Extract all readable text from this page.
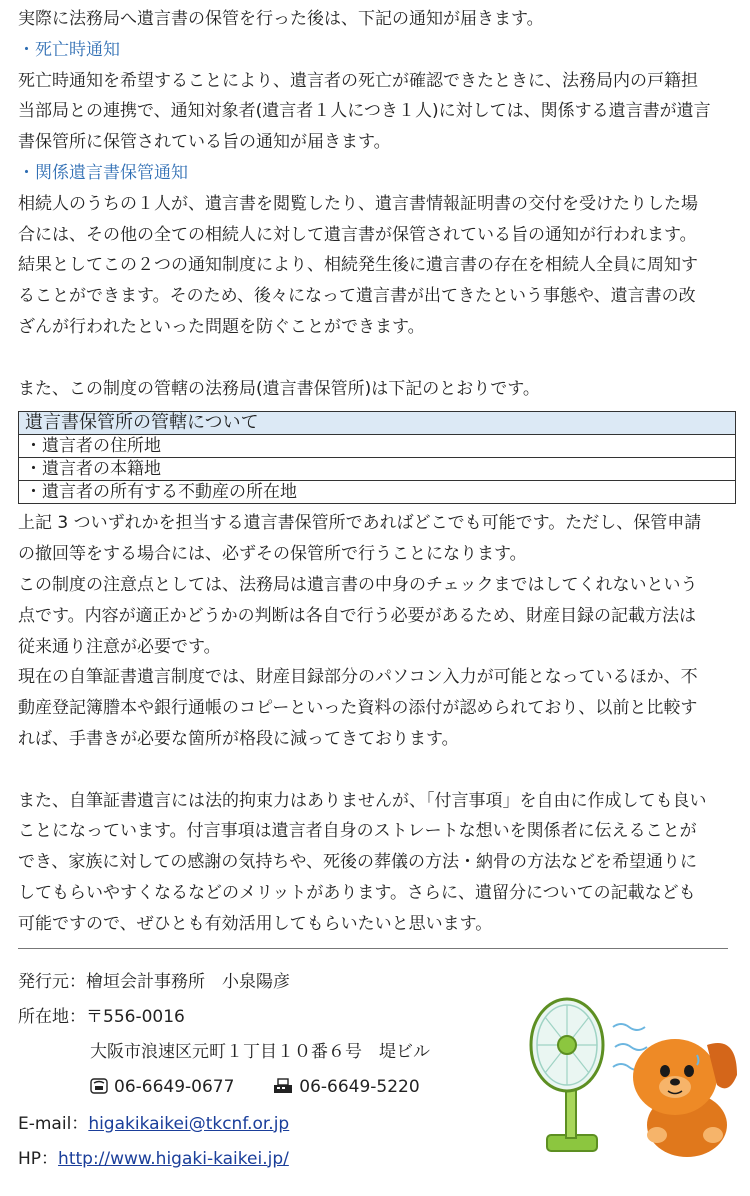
実際に法務局へ遺言書の保管を行った後は、下記の通知が届きます。
・死亡時通知
死亡時通知を希望することにより、遺言者の死亡が確認できたときに、法務局内の戸籍担
当部局との連携で、通知対象者(遺言者１人につき１人)に対しては、関係する遺言書が遺言
書保管所に保管されている旨の通知が届きます。
・関係遺言書保管通知
相続人のうちの１人が、遺言書を閲覧したり、遺言書情報証明書の交付を受けたりした場
合には、その他の全ての相続人に対して遺言書が保管されている旨の通知が行われます。
結果としてこの２つの通知制度により、相続発生後に遺言書の存在を相続人全員に周知す
ることができます。そのため、後々になって遺言書が出てきたという事態や、遺言書の改
ざんが行われたといった問題を防ぐことができます。
また、この制度の管轄の法務局(遺言書保管所)は下記のとおりです。
遺言書保管所の管轄について
・遺言者の住所地
・遺言者の本籍地
・遺言者の所有する不動産の所在地
上記 3 ついずれかを担当する遺言書保管所であればどこでも可能です。ただし、保管申請
の撤回等をする場合には、必ずその保管所で行うことになります。
この制度の注意点としては、法務局は遺言書の中身のチェックまではしてくれないという
点です。内容が適正かどうかの判断は各自で行う必要があるため、財産目録の記載方法は
従来通り注意が必要です。
現在の自筆証書遺言制度では、財産目録部分のパソコン入力が可能となっているほか、不
動産登記簿謄本や銀行通帳のコピーといった資料の添付が認められており、以前と比較す
れば、手書きが必要な箇所が格段に減ってきております。
また、自筆証書遺言には法的拘束力はありませんが、「付言事項」を自由に作成しても良い
ことになっています。付言事項は遺言者自身のストレートな想いを関係者に伝えることが
でき、家族に対しての感謝の気持ちや、死後の葬儀の方法・納骨の方法などを希望通りに
してもらいやすくなるなどのメリットがあります。さらに、遺留分についての記載なども
可能ですので、ぜひとも有効活用してもらいたいと思います。
発行元：檜垣会計事務所　小泉陽彦
所在地：〒556-0016
大阪市浪速区元町１丁目１０番６号　堤ビル
06-6649-0677	06-6649-5220
E-mail：higakikaikei@tkcnf.or.jp
HP：http://www.higaki-kaikei.jp/
